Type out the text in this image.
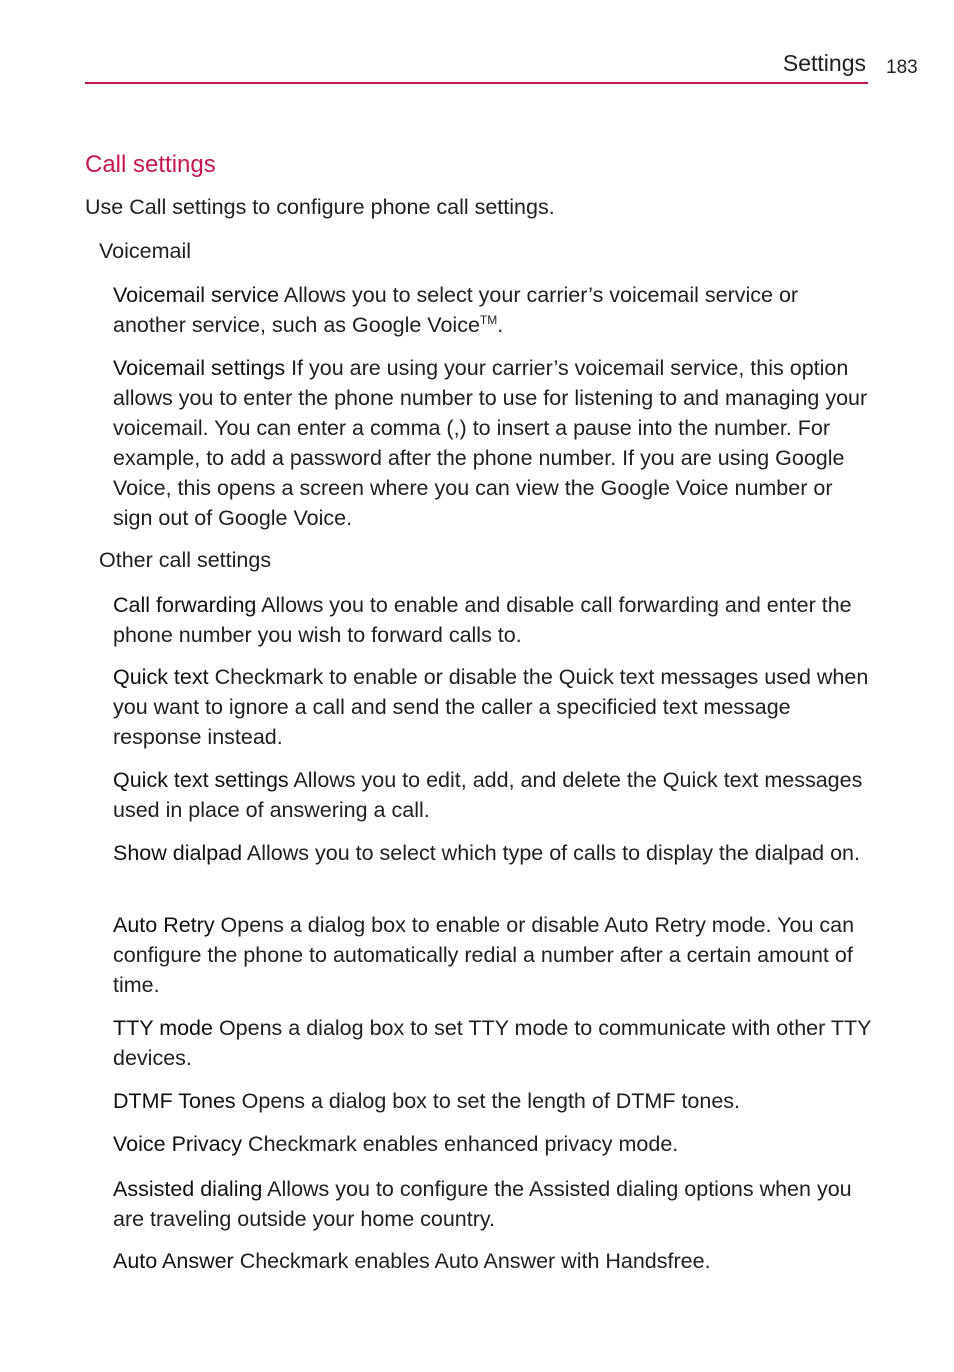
Settings 183
Call settings
Use Call settings to configure phone call settings.
Voicemail
Voicemail service Allows you to select your carrier’s voicemail service or another service, such as Google Voice™.
Voicemail settings If you are using your carrier’s voicemail service, this option allows you to enter the phone number to use for listening to and managing your voicemail. You can enter a comma (,) to insert a pause into the number. For example, to add a password after the phone number. If you are using Google Voice, this opens a screen where you can view the Google Voice number or sign out of Google Voice.
Other call settings
Call forwarding Allows you to enable and disable call forwarding and enter the phone number you wish to forward calls to.
Quick text Checkmark to enable or disable the Quick text messages used when you want to ignore a call and send the caller a specificied text message response instead.
Quick text settings Allows you to edit, add, and delete the Quick text messages used in place of answering a call.
Show dialpad Allows you to select which type of calls to display the dialpad on.
Auto Retry Opens a dialog box to enable or disable Auto Retry mode. You can configure the phone to automatically redial a number after a certain amount of time.
TTY mode Opens a dialog box to set TTY mode to communicate with other TTY devices.
DTMF Tones Opens a dialog box to set the length of DTMF tones.
Voice Privacy Checkmark enables enhanced privacy mode.
Assisted dialing Allows you to configure the Assisted dialing options when you are traveling outside your home country.
Auto Answer Checkmark enables Auto Answer with Handsfree.
